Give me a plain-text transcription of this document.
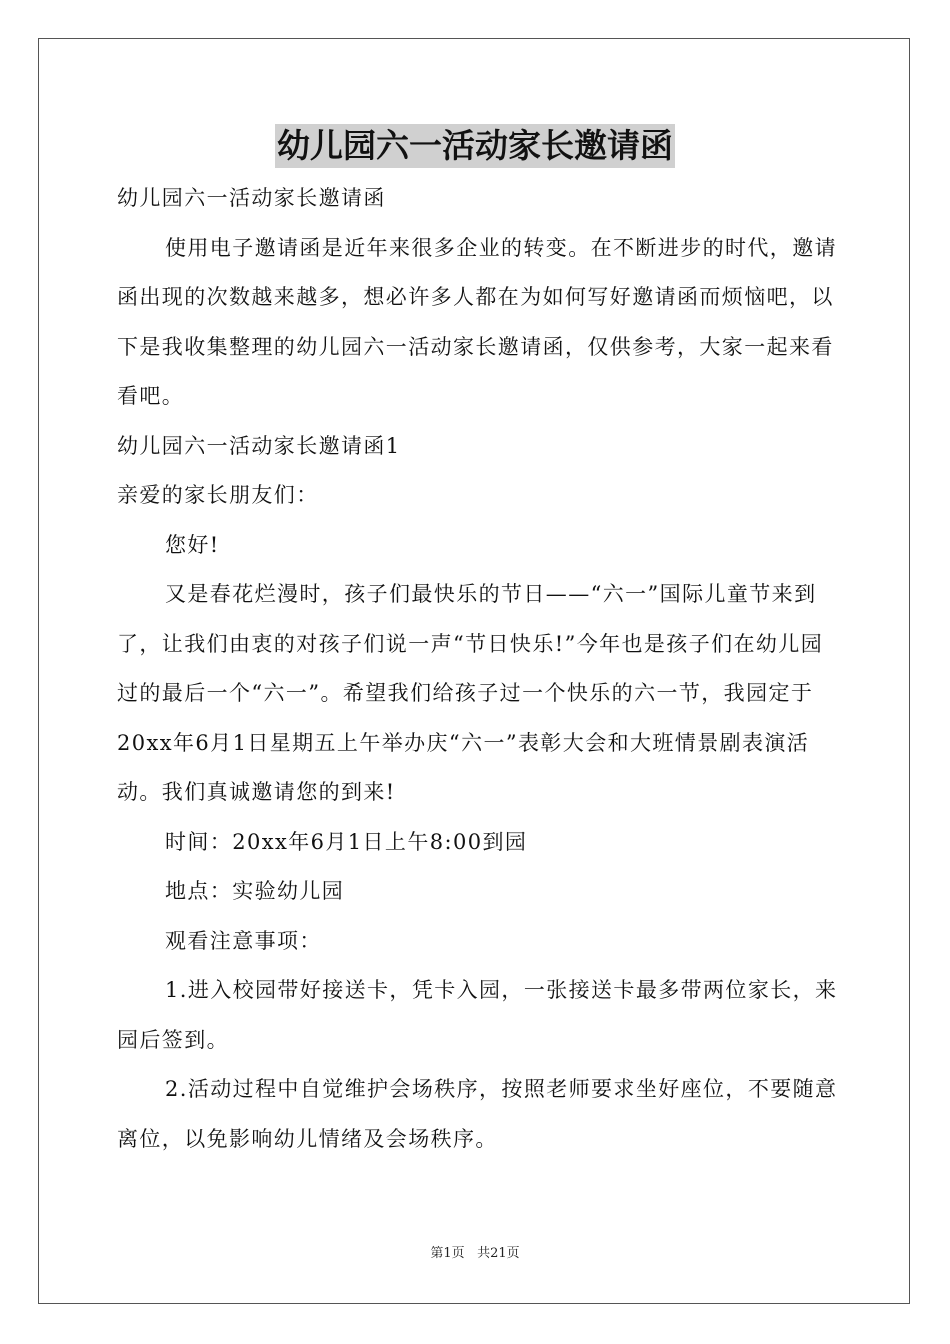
幼儿园六一活动家长邀请函

幼儿园六一活动家长邀请函

使用电子邀请函是近年来很多企业的转变。在不断进步的时代，邀请函出现的次数越来越多，想必许多人都在为如何写好邀请函而烦恼吧，以下是我收集整理的幼儿园六一活动家长邀请函，仅供参考，大家一起来看看吧。

幼儿园六一活动家长邀请函1

亲爱的家长朋友们：

您好!

又是春花烂漫时，孩子们最快乐的节日——“六一”国际儿童节来到了，让我们由衷的对孩子们说一声“节日快乐!”今年也是孩子们在幼儿园过的最后一个“六一”。希望我们给孩子过一个快乐的六一节，我园定于20xx年6月1日星期五上午举办庆“六一”表彰大会和大班情景剧表演活动。我们真诚邀请您的到来!

时间：20xx年6月1日上午8:00到园

地点：实验幼儿园

观看注意事项：

1.进入校园带好接送卡，凭卡入园，一张接送卡最多带两位家长，来园后签到。

2.活动过程中自觉维护会场秩序，按照老师要求坐好座位，不要随意离位，以免影响幼儿情绪及会场秩序。

第1页 共21页
